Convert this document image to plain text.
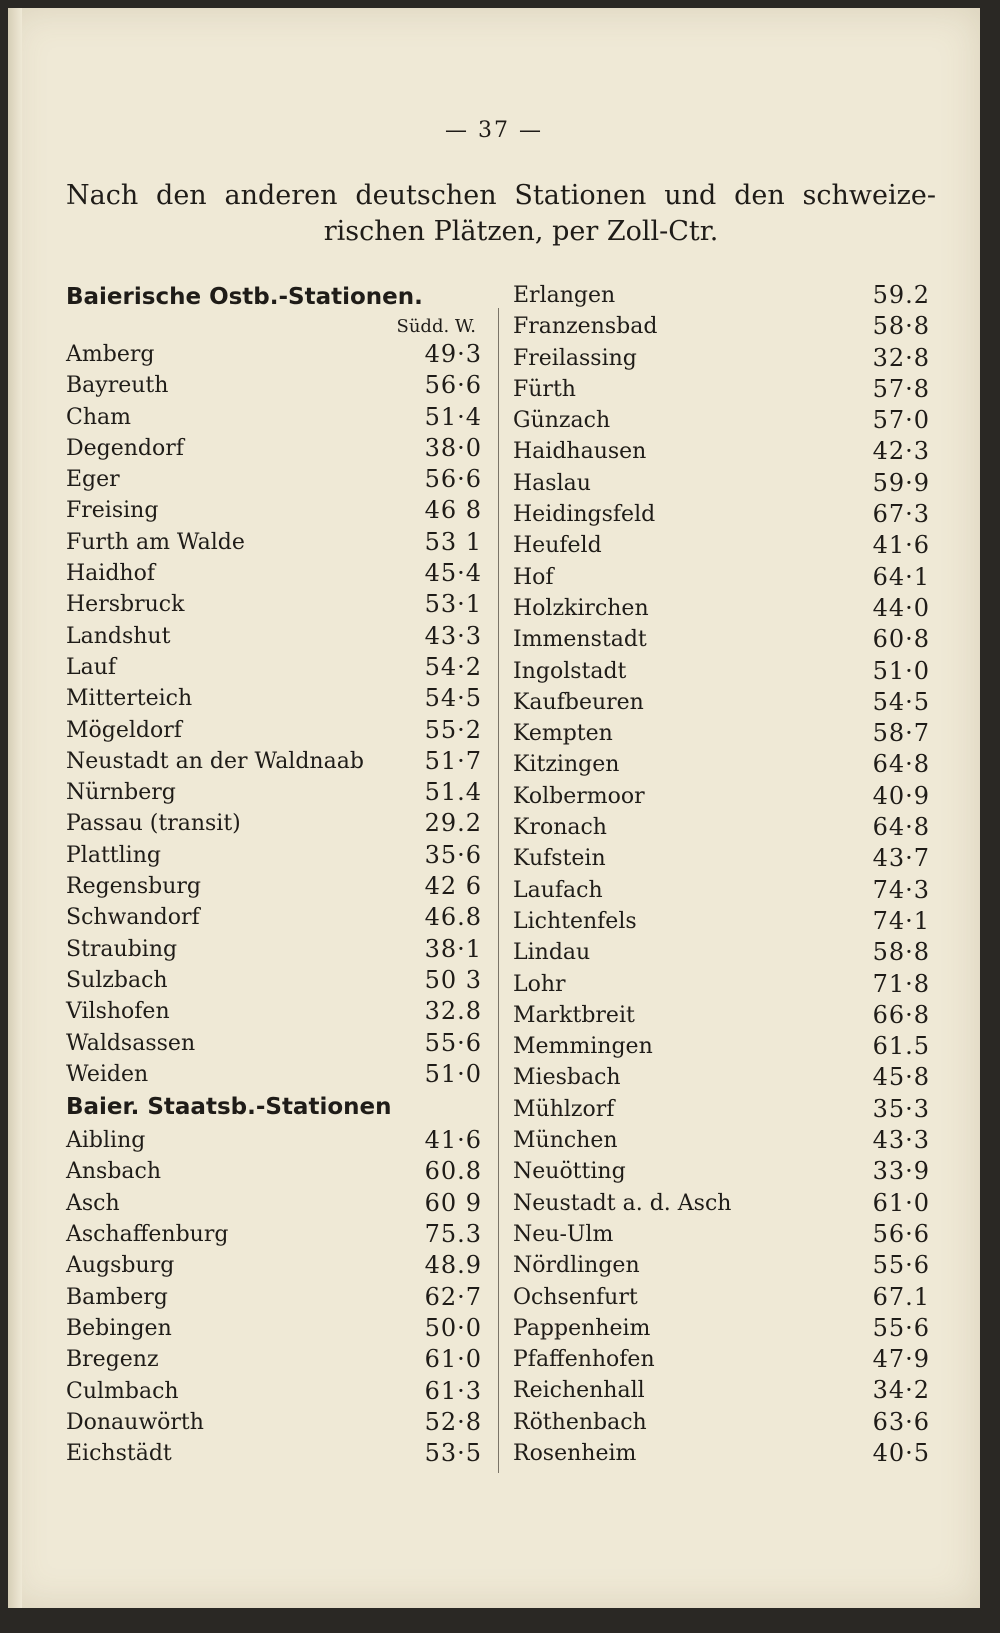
— 37 —
Nach den anderen deutschen Stationen und den schweize-
rischen Plätzen, per Zoll-Ctr.
Baierische Ostb.-Stationen.
Südd. W.
Amberg	49·3
Bayreuth	56·6
Cham	51·4
Degendorf	38·0
Eger	56·6
Freising	46 8
Furth am Walde	53 1
Haidhof	45·4
Hersbruck	53·1
Landshut	43·3
Lauf	54·2
Mitterteich	54·5
Mögeldorf	55·2
Neustadt an der Waldnaab	51·7
Nürnberg	51.4
Passau (transit)	29.2
Plattling	35·6
Regensburg	42 6
Schwandorf	46.8
Straubing	38·1
Sulzbach	50 3
Vilshofen	32.8
Waldsassen	55·6
Weiden	51·0
Baier. Staatsb.-Stationen
Aibling	41·6
Ansbach	60.8
Asch	60 9
Aschaffenburg	75.3
Augsburg	48.9
Bamberg	62·7
Bebingen	50·0
Bregenz	61·0
Culmbach	61·3
Donauwörth	52·8
Eichstädt	53·5
Erlangen	59.2
Franzensbad	58·8
Freilassing	32·8
Fürth	57·8
Günzach	57·0
Haidhausen	42·3
Haslau	59·9
Heidingsfeld	67·3
Heufeld	41·6
Hof	64·1
Holzkirchen	44·0
Immenstadt	60·8
Ingolstadt	51·0
Kaufbeuren	54·5
Kempten	58·7
Kitzingen	64·8
Kolbermoor	40·9
Kronach	64·8
Kufstein	43·7
Laufach	74·3
Lichtenfels	74·1
Lindau	58·8
Lohr	71·8
Marktbreit	66·8
Memmingen	61.5
Miesbach	45·8
Mühlzorf	35·3
München	43·3
Neuötting	33·9
Neustadt a. d. Asch	61·0
Neu-Ulm	56·6
Nördlingen	55·6
Ochsenfurt	67.1
Pappenheim	55·6
Pfaffenhofen	47·9
Reichenhall	34·2
Röthenbach	63·6
Rosenheim	40·5
